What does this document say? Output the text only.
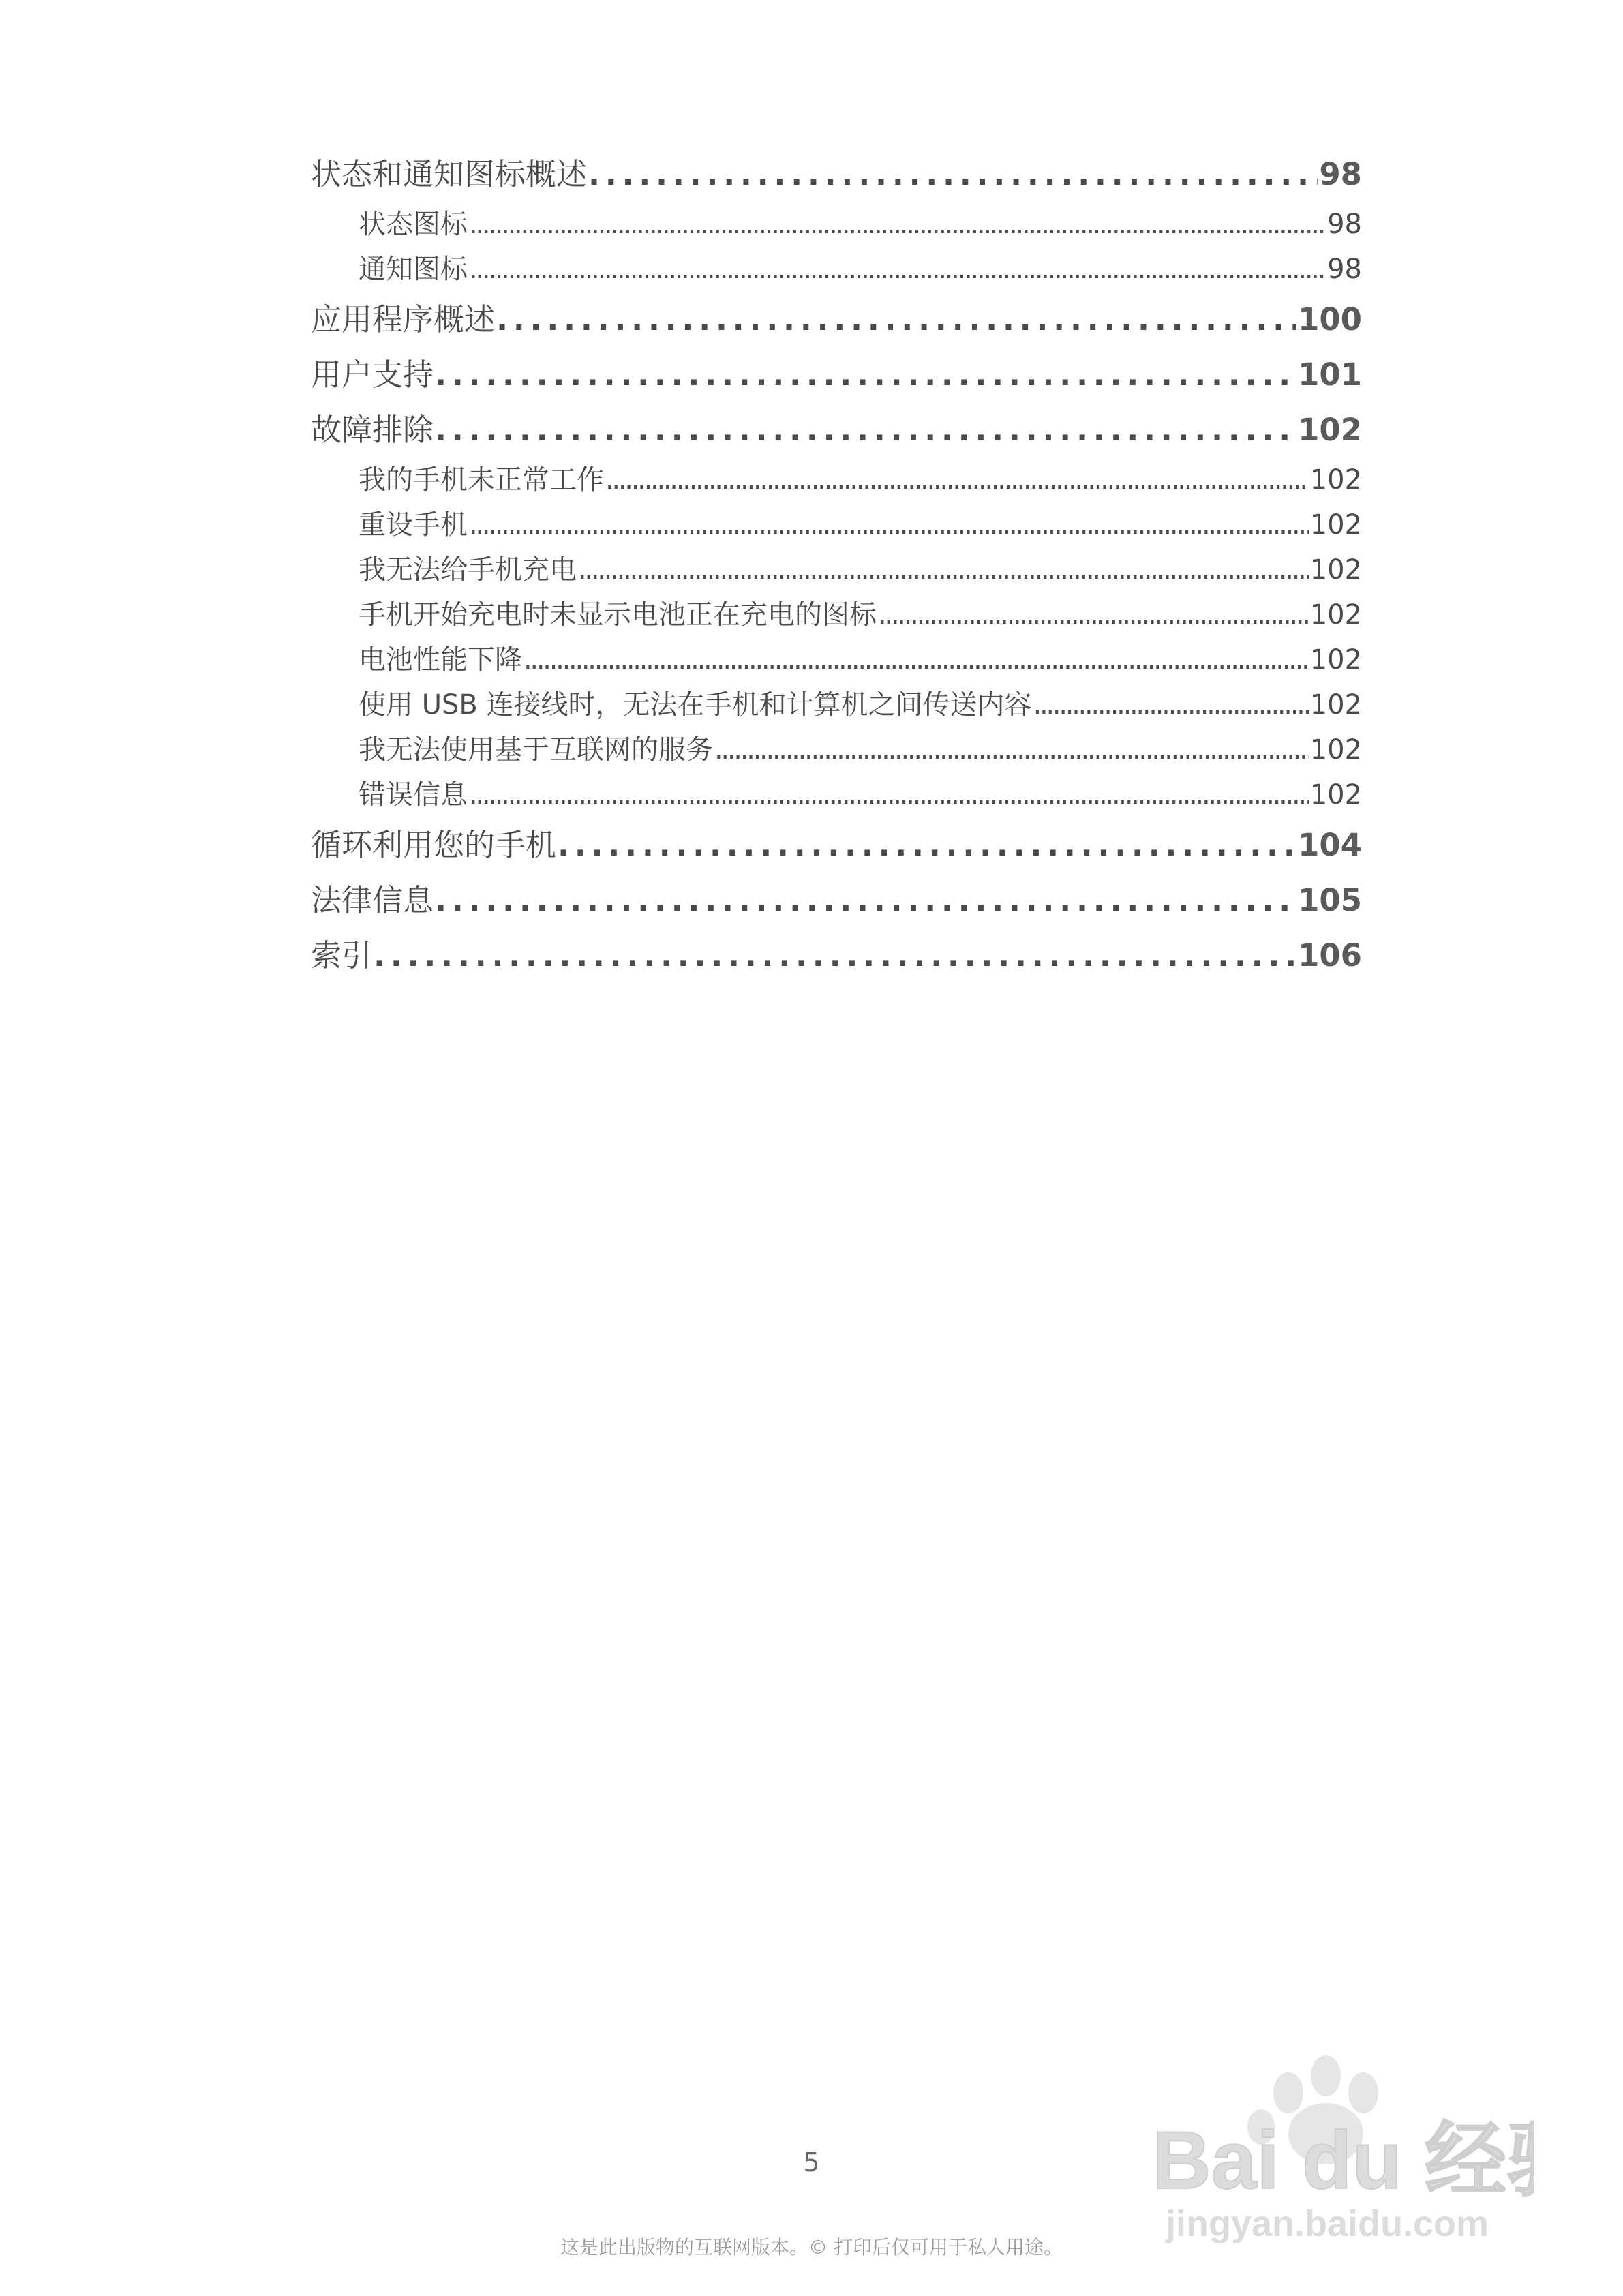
状态和通知图标概述 . . .	98
状态图标 . . .	98
通知图标 . . .	98
应用程序概述 . . .	100
用户支持 . . .	101
故障排除 . . .	102
我的手机未正常工作 . . .	102
重设手机 . . .	102
我无法给手机充电 . . .	102
手机开始充电时未显示电池正在充电的图标 . . .	102
电池性能下降 . . .	102
使用 USB 连接线时，无法在手机和计算机之间传送内容 . . .	102
我无法使用基于互联网的服务 . . .	102
错误信息 . . .	102
循环利用您的手机 . . .	104
法律信息 . . .	105
索引 . . .	106
5
这是此出版物的互联网版本。© 打印后仅可用于私人用途。
Bai du 经
jingyan.baidu.com
